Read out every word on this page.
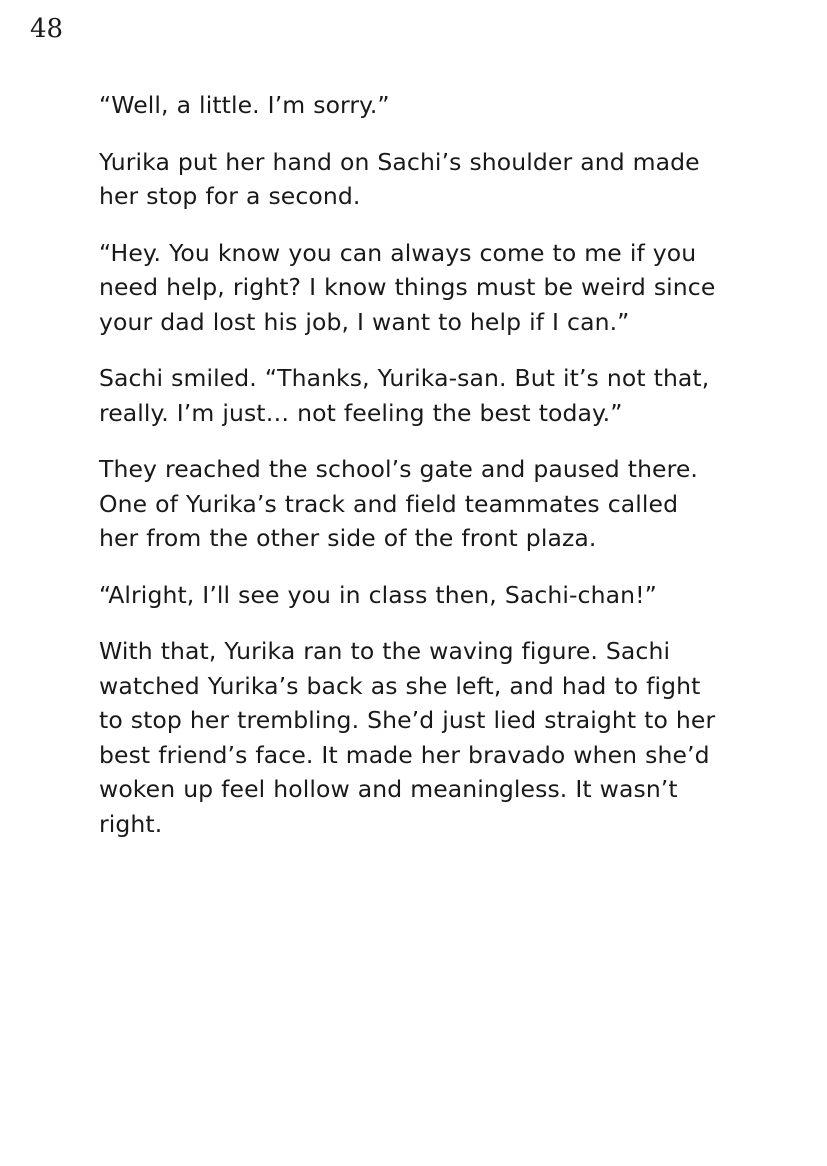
48

“Well, a little. I’m sorry.”

Yurika put her hand on Sachi’s shoulder and made her stop for a second.

“Hey. You know you can always come to me if you need help, right? I know things must be weird since your dad lost his job, I want to help if I can.”

Sachi smiled. “Thanks, Yurika-san. But it’s not that, really. I’m just… not feeling the best today.”

They reached the school’s gate and paused there. One of Yurika’s track and field teammates called her from the other side of the front plaza.

“Alright, I’ll see you in class then, Sachi-chan!”

With that, Yurika ran to the waving figure. Sachi watched Yurika’s back as she left, and had to fight to stop her trembling. She’d just lied straight to her best friend’s face. It made her bravado when she’d woken up feel hollow and meaningless. It wasn’t right.
